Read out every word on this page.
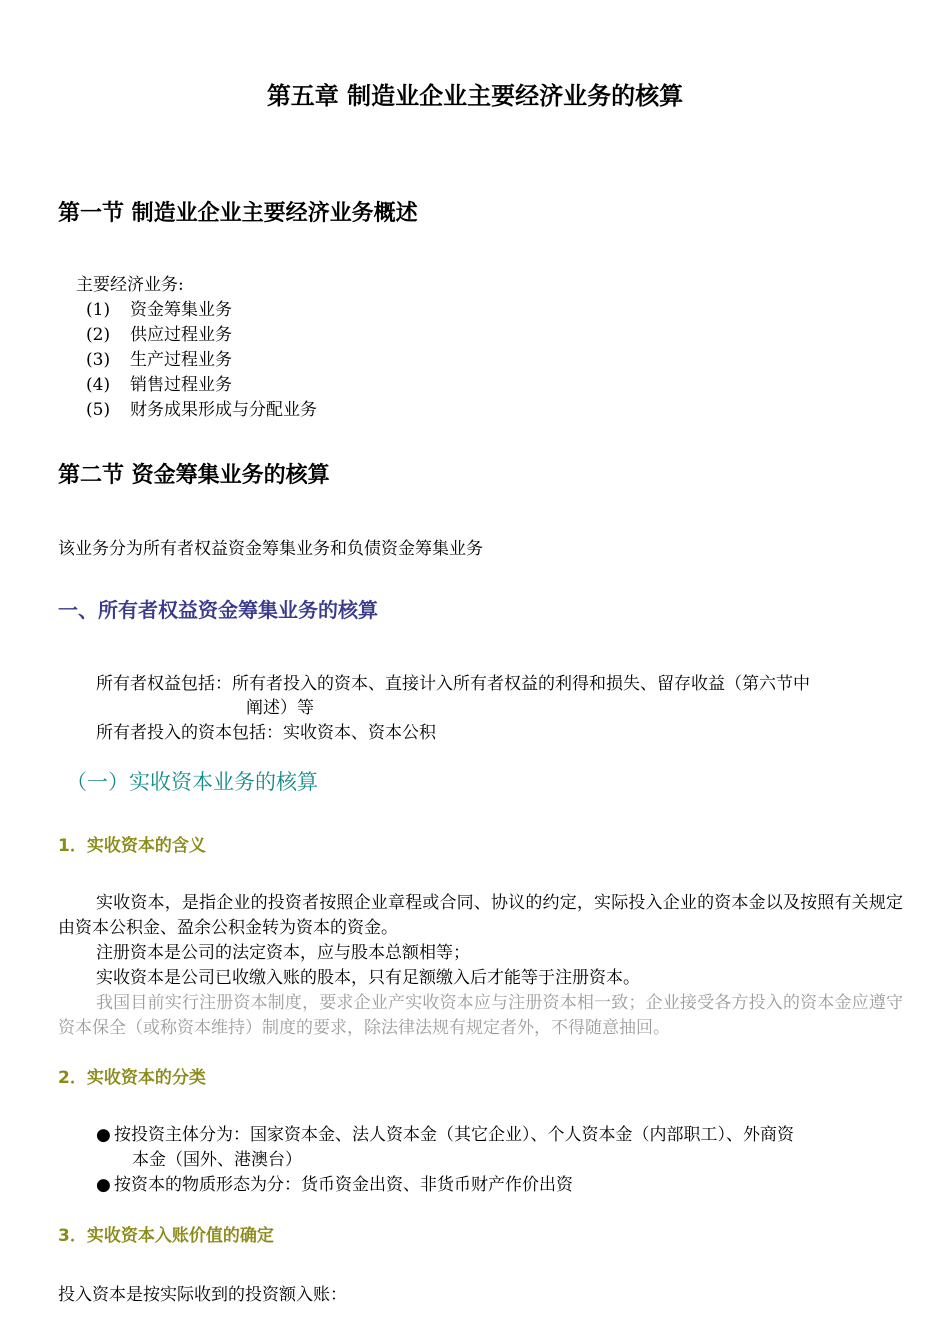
第五章 制造业企业主要经济业务的核算
第一节 制造业企业主要经济业务概述
主要经济业务:
(1) 资金筹集业务
(2) 供应过程业务
(3) 生产过程业务
(4) 销售过程业务
(5) 财务成果形成与分配业务
第二节 资金筹集业务的核算
该业务分为所有者权益资金筹集业务和负债资金筹集业务
一、所有者权益资金筹集业务的核算
所有者权益包括：所有者投入的资本、直接计入所有者权益的利得和损失、留存收益（第六节中
阐述）等
所有者投入的资本包括：实收资本、资本公积
（一）实收资本业务的核算
1．实收资本的含义
实收资本，是指企业的投资者按照企业章程或合同、协议的约定，实际投入企业的资本金以及按照有关规定由资本公积金、盈余公积金转为资本的资金。
注册资本是公司的法定资本，应与股本总额相等；
实收资本是公司已收缴入账的股本，只有足额缴入后才能等于注册资本。
我国目前实行注册资本制度，要求企业产实收资本应与注册资本相一致；企业接受各方投入的资本金应遵守资本保全（或称资本维持）制度的要求，除法律法规有规定者外，不得随意抽回。
2．实收资本的分类
● 按投资主体分为：国家资本金、法人资本金（其它企业）、个人资本金（内部职工）、外商资
本金（国外、港澳台）
● 按资本的物质形态为分：货币资金出资、非货币财产作价出资
3．实收资本入账价值的确定
投入资本是按实际收到的投资额入账：
